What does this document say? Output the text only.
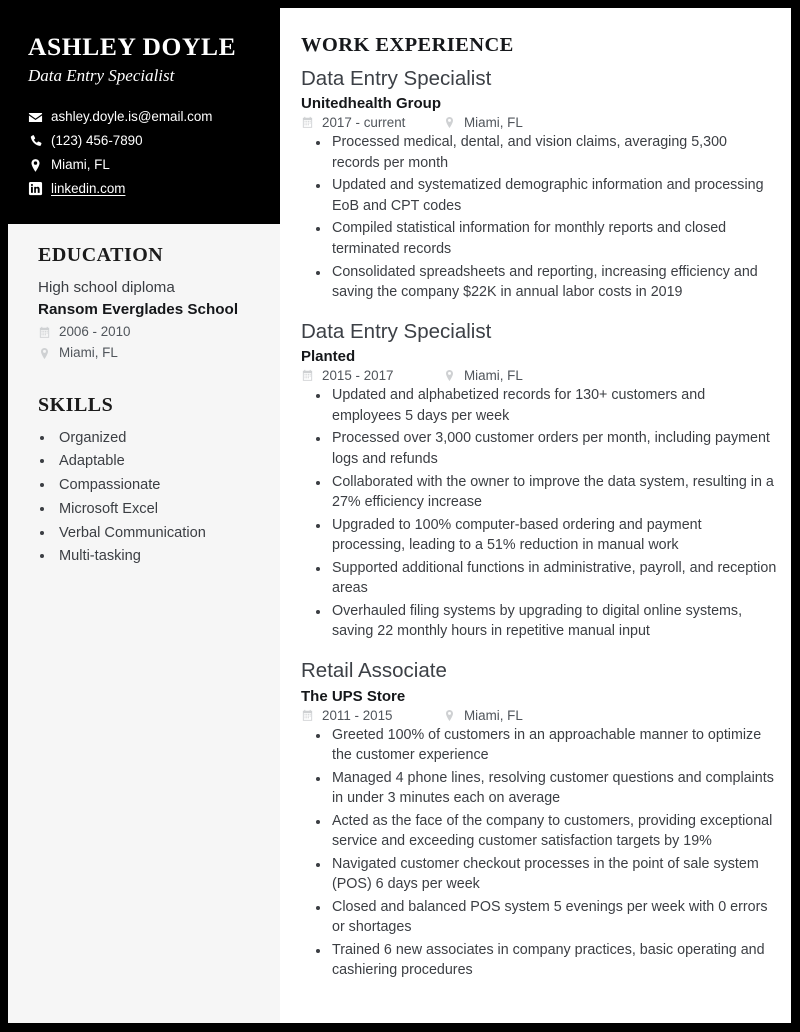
ASHLEY DOYLE
Data Entry Specialist
ashley.doyle.is@email.com
(123) 456-7890
Miami, FL
linkedin.com
EDUCATION
High school diploma
Ransom Everglades School
2006 - 2010
Miami, FL
SKILLS
• Organized
• Adaptable
• Compassionate
• Microsoft Excel
• Verbal Communication
• Multi-tasking
WORK EXPERIENCE
Data Entry Specialist
Unitedhealth Group
2017 - current	Miami, FL
• Processed medical, dental, and vision claims, averaging 5,300 records per month
• Updated and systematized demographic information and processing EoB and CPT codes
• Compiled statistical information for monthly reports and closed terminated records
• Consolidated spreadsheets and reporting, increasing efficiency and saving the company $22K in annual labor costs in 2019
Data Entry Specialist
Planted
2015 - 2017	Miami, FL
• Updated and alphabetized records for 130+ customers and employees 5 days per week
• Processed over 3,000 customer orders per month, including payment logs and refunds
• Collaborated with the owner to improve the data system, resulting in a 27% efficiency increase
• Upgraded to 100% computer-based ordering and payment processing, leading to a 51% reduction in manual work
• Supported additional functions in administrative, payroll, and reception areas
• Overhauled filing systems by upgrading to digital online systems, saving 22 monthly hours in repetitive manual input
Retail Associate
The UPS Store
2011 - 2015	Miami, FL
• Greeted 100% of customers in an approachable manner to optimize the customer experience
• Managed 4 phone lines, resolving customer questions and complaints in under 3 minutes each on average
• Acted as the face of the company to customers, providing exceptional service and exceeding customer satisfaction targets by 19%
• Navigated customer checkout processes in the point of sale system (POS) 6 days per week
• Closed and balanced POS system 5 evenings per week with 0 errors or shortages
• Trained 6 new associates in company practices, basic operating and cashiering procedures
